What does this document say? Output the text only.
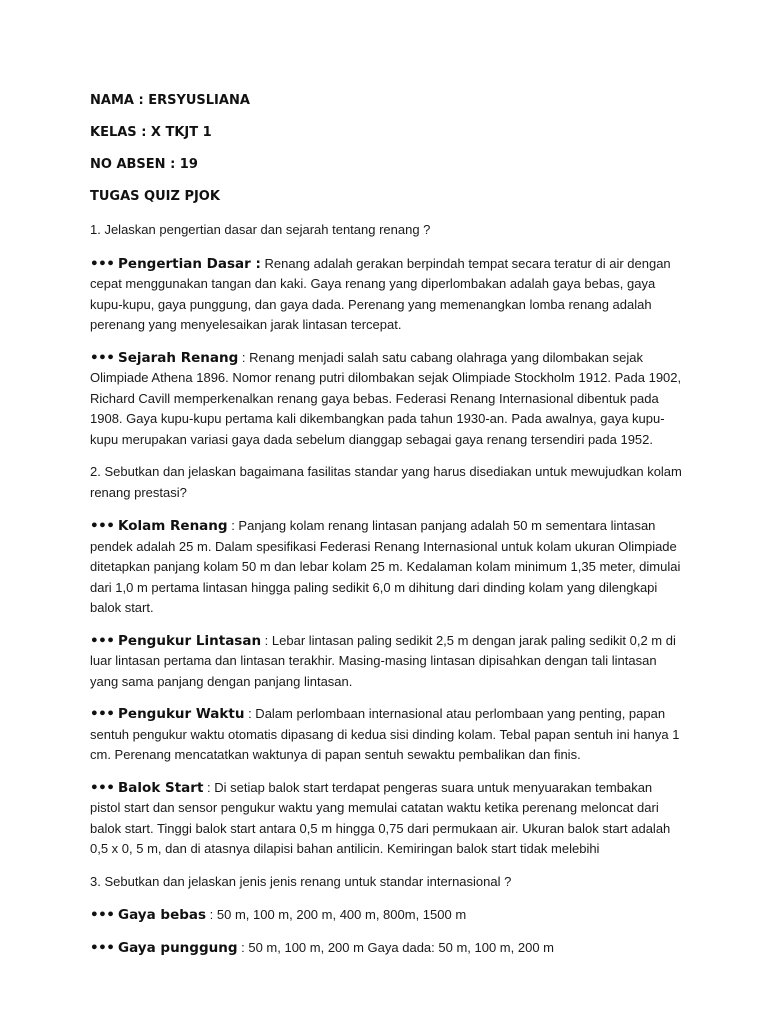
NAMA : ERSYUSLIANA
KELAS : X TKJT 1
NO ABSEN : 19
TUGAS QUIZ PJOK

1. Jelaskan pengertian dasar dan sejarah tentang renang ?

••• Pengertian Dasar : Renang adalah gerakan berpindah tempat secara teratur di air dengan cepat menggunakan tangan dan kaki. Gaya renang yang diperlombakan adalah gaya bebas, gaya kupu-kupu, gaya punggung, dan gaya dada. Perenang yang memenangkan lomba renang adalah perenang yang menyelesaikan jarak lintasan tercepat.

••• Sejarah Renang : Renang menjadi salah satu cabang olahraga yang dilombakan sejak Olimpiade Athena 1896. Nomor renang putri dilombakan sejak Olimpiade Stockholm 1912. Pada 1902, Richard Cavill memperkenalkan renang gaya bebas. Federasi Renang Internasional dibentuk pada 1908. Gaya kupu-kupu pertama kali dikembangkan pada tahun 1930-an. Pada awalnya, gaya kupu-kupu merupakan variasi gaya dada sebelum dianggap sebagai gaya renang tersendiri pada 1952.

2. Sebutkan dan jelaskan bagaimana fasilitas standar yang harus disediakan untuk mewujudkan kolam renang prestasi?

••• Kolam Renang : Panjang kolam renang lintasan panjang adalah 50 m sementara lintasan pendek adalah 25 m. Dalam spesifikasi Federasi Renang Internasional untuk kolam ukuran Olimpiade ditetapkan panjang kolam 50 m dan lebar kolam 25 m. Kedalaman kolam minimum 1,35 meter, dimulai dari 1,0 m pertama lintasan hingga paling sedikit 6,0 m dihitung dari dinding kolam yang dilengkapi balok start.

••• Pengukur Lintasan : Lebar lintasan paling sedikit 2,5 m dengan jarak paling sedikit 0,2 m di luar lintasan pertama dan lintasan terakhir. Masing-masing lintasan dipisahkan dengan tali lintasan yang sama panjang dengan panjang lintasan.

••• Pengukur Waktu : Dalam perlombaan internasional atau perlombaan yang penting, papan sentuh pengukur waktu otomatis dipasang di kedua sisi dinding kolam. Tebal papan sentuh ini hanya 1 cm. Perenang mencatatkan waktunya di papan sentuh sewaktu pembalikan dan finis.

••• Balok Start : Di setiap balok start terdapat pengeras suara untuk menyuarakan tembakan pistol start dan sensor pengukur waktu yang memulai catatan waktu ketika perenang meloncat dari balok start. Tinggi balok start antara 0,5 m hingga 0,75 dari permukaan air. Ukuran balok start adalah 0,5 x 0, 5 m, dan di atasnya dilapisi bahan antilicin. Kemiringan balok start tidak melebihi

3. Sebutkan dan jelaskan jenis jenis renang untuk standar internasional ?

••• Gaya bebas : 50 m, 100 m, 200 m, 400 m, 800m, 1500 m

••• Gaya punggung : 50 m, 100 m, 200 m Gaya dada: 50 m, 100 m, 200 m
